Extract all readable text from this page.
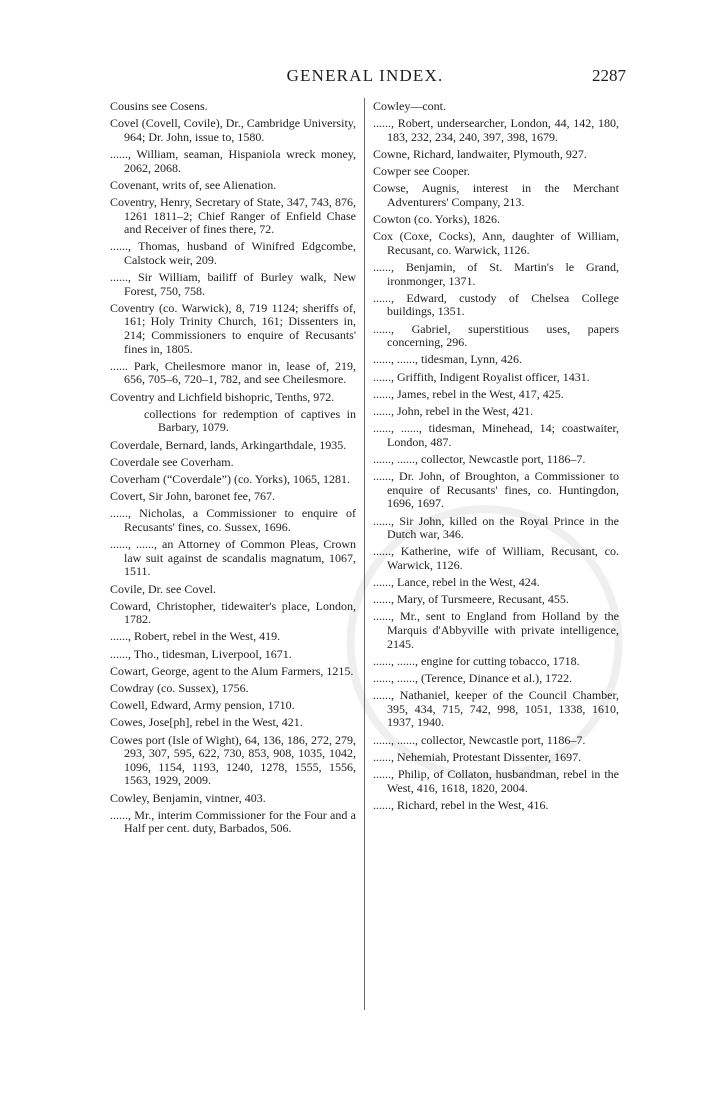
GENERAL INDEX.	2287

Cousins see Cosens.

Covel (Covell, Covile), Dr., Cambridge University, 964; Dr. John, issue to, 1580.

......, William, seaman, Hispaniola wreck money, 2062, 2068.

Covenant, writs of, see Alienation.

Coventry, Henry, Secretary of State, 347, 743, 876, 1261 1811–2; Chief Ranger of Enfield Chase and Receiver of fines there, 72.

......, Thomas, husband of Winifred Edgcombe, Calstock weir, 209.

......, Sir William, bailiff of Burley walk, New Forest, 750, 758.

Coventry (co. Warwick), 8, 719 1124; sheriffs of, 161; Holy Trinity Church, 161; Dissenters in, 214; Commissioners to enquire of Recusants' fines in, 1805.

...... Park, Cheilesmore manor in, lease of, 219, 656, 705–6, 720–1, 782, and see Cheilesmore.

Coventry and Lichfield bishopric, Tenths, 972.

collections for redemption of captives in Barbary, 1079.

Coverdale, Bernard, lands, Arkingarthdale, 1935.

Coverdale see Coverham.

Coverham (“Coverdale”) (co. Yorks), 1065, 1281.

Covert, Sir John, baronet fee, 767.

......, Nicholas, a Commissioner to enquire of Recusants' fines, co. Sussex, 1696.

......, ......, an Attorney of Common Pleas, Crown law suit against de scandalis magnatum, 1067, 1511.

Covile, Dr. see Covel.

Coward, Christopher, tidewaiter's place, London, 1782.

......, Robert, rebel in the West, 419.

......, Tho., tidesman, Liverpool, 1671.

Cowart, George, agent to the Alum Farmers, 1215.

Cowdray (co. Sussex), 1756.

Cowell, Edward, Army pension, 1710.

Cowes, Jose[ph], rebel in the West, 421.

Cowes port (Isle of Wight), 64, 136, 186, 272, 279, 293, 307, 595, 622, 730, 853, 908, 1035, 1042, 1096, 1154, 1193, 1240, 1278, 1555, 1556, 1563, 1929, 2009.

Cowley, Benjamin, vintner, 403.

......, Mr., interim Commissioner for the Four and a Half per cent. duty, Barbados, 506.

Cowley—cont.

......, Robert, undersearcher, London, 44, 142, 180, 183, 232, 234, 240, 397, 398, 1679.

Cowne, Richard, landwaiter, Plymouth, 927.

Cowper see Cooper.

Cowse, Augnis, interest in the Merchant Adventurers' Company, 213.

Cowton (co. Yorks), 1826.

Cox (Coxe, Cocks), Ann, daughter of William, Recusant, co. Warwick, 1126.

......, Benjamin, of St. Martin's le Grand, ironmonger, 1371.

......, Edward, custody of Chelsea College buildings, 1351.

......, Gabriel, superstitious uses, papers concerning, 296.

......, ......, tidesman, Lynn, 426.

......, Griffith, Indigent Royalist officer, 1431.

......, James, rebel in the West, 417, 425.

......, John, rebel in the West, 421.

......, ......, tidesman, Minehead, 14; coastwaiter, London, 487.

......, ......, collector, Newcastle port, 1186–7.

......, Dr. John, of Broughton, a Commissioner to enquire of Recusants' fines, co. Huntingdon, 1696, 1697.

......, Sir John, killed on the Royal Prince in the Dutch war, 346.

......, Katherine, wife of William, Recusant, co. Warwick, 1126.

......, Lance, rebel in the West, 424.

......, Mary, of Tursmeere, Recusant, 455.

......, Mr., sent to England from Holland by the Marquis d'Abbyville with private intelligence, 2145.

......, ......, engine for cutting tobacco, 1718.

......, ......, (Terence, Dinance et al.), 1722.

......, Nathaniel, keeper of the Council Chamber, 395, 434, 715, 742, 998, 1051, 1338, 1610, 1937, 1940.

......, ......, collector, Newcastle port, 1186–7.

......, Nehemiah, Protestant Dissenter, 1697.

......, Philip, of Collaton, husbandman, rebel in the West, 416, 1618, 1820, 2004.

......, Richard, rebel in the West, 416.
